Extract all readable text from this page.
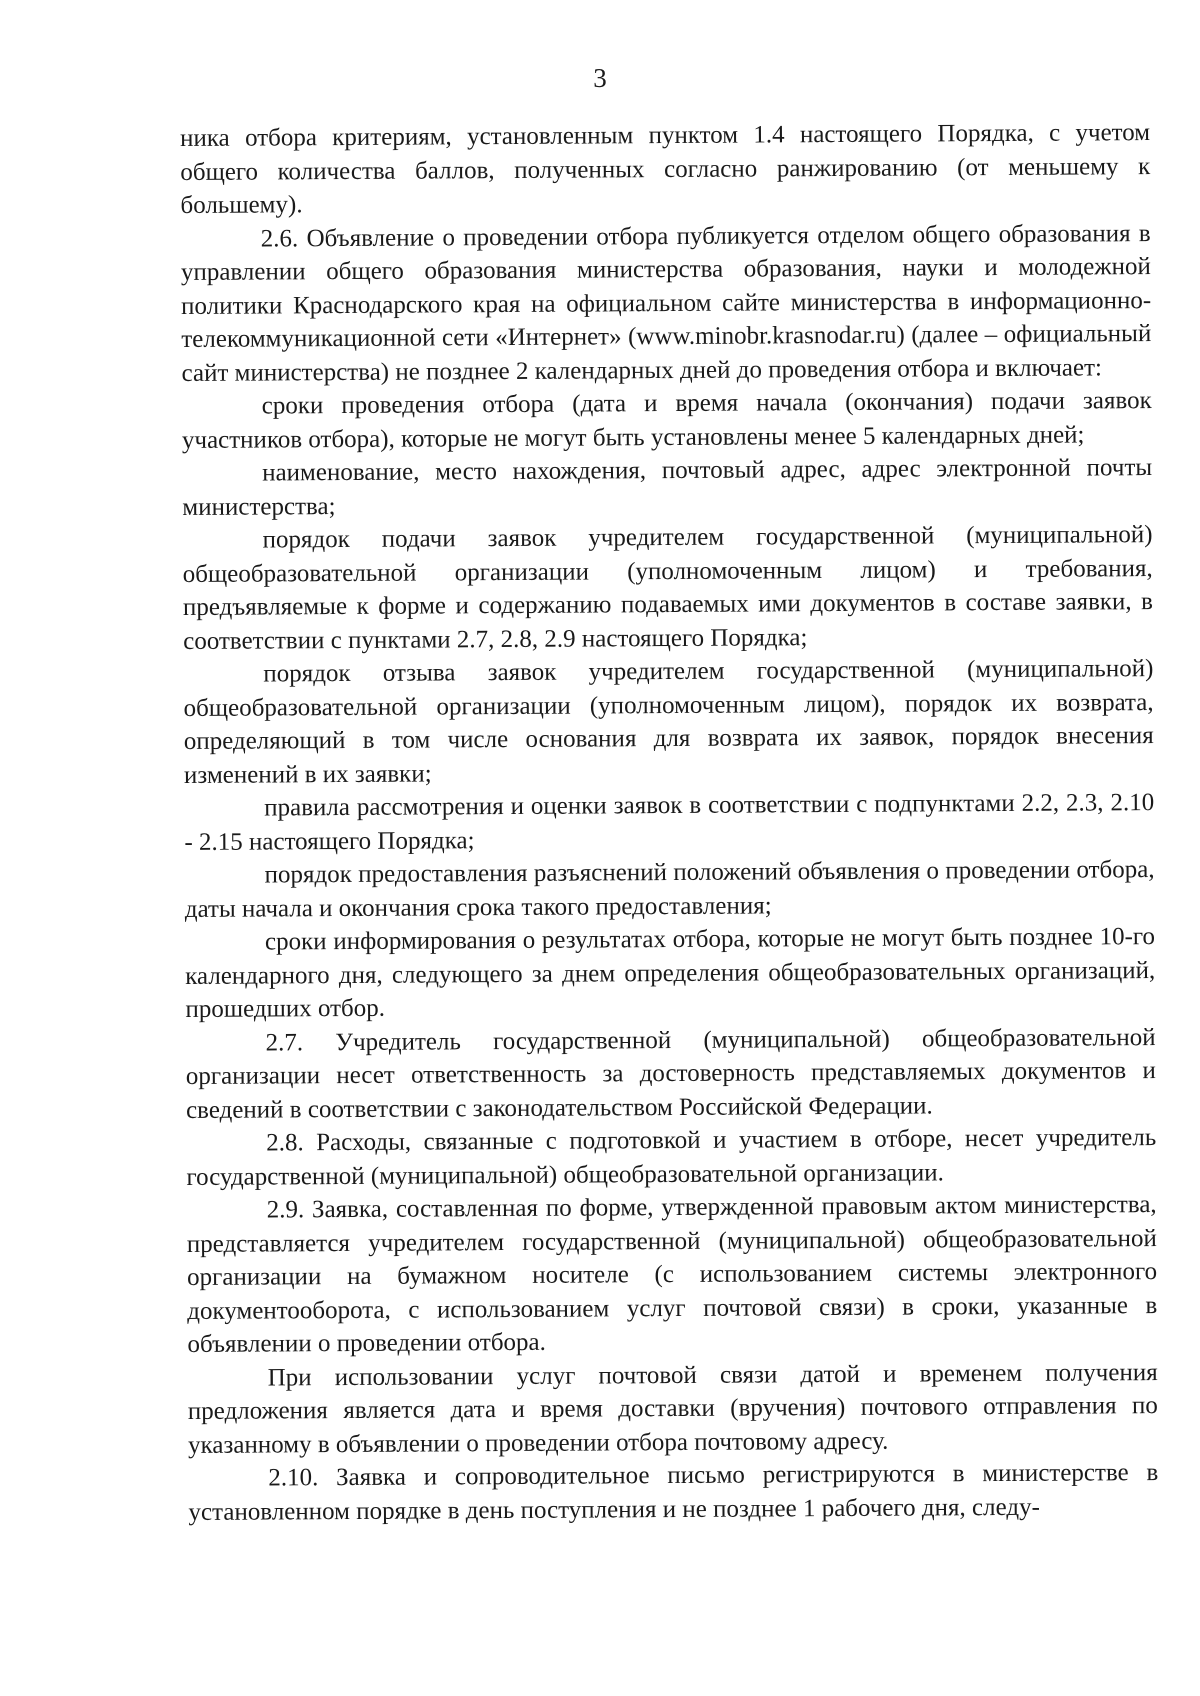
3

ника отбора критериям, установленным пунктом 1.4 настоящего Порядка, с учетом общего количества баллов, полученных согласно ранжированию (от меньшему к большему).

2.6. Объявление о проведении отбора публикуется отделом общего образования в управлении общего образования министерства образования, науки и молодежной политики Краснодарского края на официальном сайте министерства в информационно-телекоммуникационной сети «Интернет» (www.minobr.krasnodar.ru) (далее – официальный сайт министерства) не позднее 2 календарных дней до проведения отбора и включает:

сроки проведения отбора (дата и время начала (окончания) подачи заявок участников отбора), которые не могут быть установлены менее 5 календарных дней;

наименование, место нахождения, почтовый адрес, адрес электронной почты министерства;

порядок подачи заявок учредителем государственной (муниципальной) общеобразовательной организации (уполномоченным лицом) и требования, предъявляемые к форме и содержанию подаваемых ими документов в составе заявки, в соответствии с пунктами 2.7, 2.8, 2.9 настоящего Порядка;

порядок отзыва заявок учредителем государственной (муниципальной) общеобразовательной организации (уполномоченным лицом), порядок их возврата, определяющий в том числе основания для возврата их заявок, порядок внесения изменений в их заявки;

правила рассмотрения и оценки заявок в соответствии с подпунктами 2.2, 2.3, 2.10 - 2.15 настоящего Порядка;

порядок предоставления разъяснений положений объявления о проведении отбора, даты начала и окончания срока такого предоставления;

сроки информирования о результатах отбора, которые не могут быть позднее 10-го календарного дня, следующего за днем определения общеобразовательных организаций, прошедших отбор.

2.7. Учредитель государственной (муниципальной) общеобразовательной организации несет ответственность за достоверность представляемых документов и сведений в соответствии с законодательством Российской Федерации.

2.8. Расходы, связанные с подготовкой и участием в отборе, несет учредитель государственной (муниципальной) общеобразовательной организации.

2.9. Заявка, составленная по форме, утвержденной правовым актом министерства, представляется учредителем государственной (муниципальной) общеобразовательной организации на бумажном носителе (с использованием системы электронного документооборота, с использованием услуг почтовой связи) в сроки, указанные в объявлении о проведении отбора.

При использовании услуг почтовой связи датой и временем получения предложения является дата и время доставки (вручения) почтового отправления по указанному в объявлении о проведении отбора почтовому адресу.

2.10. Заявка и сопроводительное письмо регистрируются в министерстве в установленном порядке в день поступления и не позднее 1 рабочего дня, следу-
